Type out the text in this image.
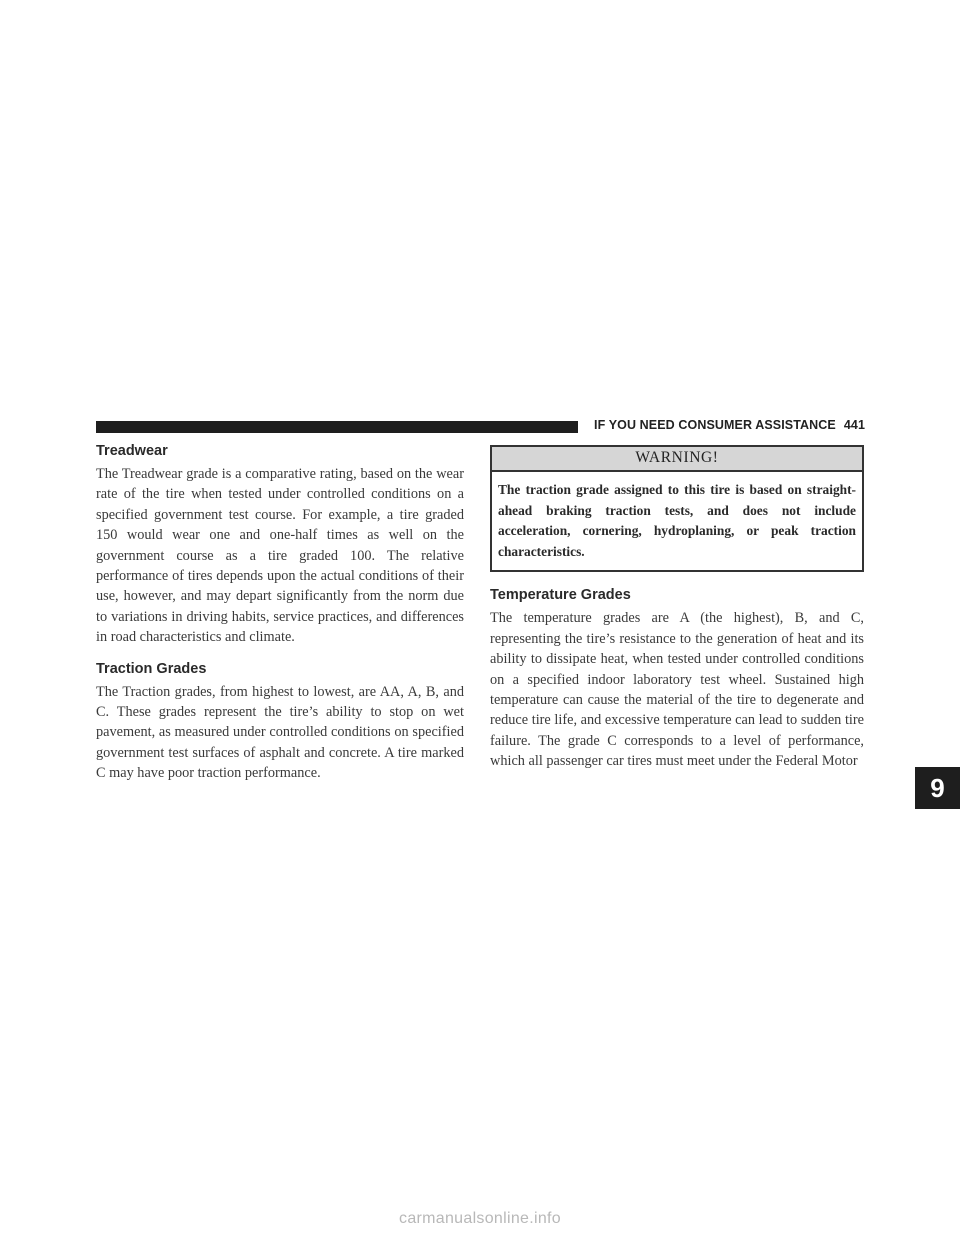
IF YOU NEED CONSUMER ASSISTANCE 441
Treadwear

The Treadwear grade is a comparative rating, based on the wear rate of the tire when tested under controlled conditions on a specified government test course. For example, a tire graded 150 would wear one and one-half times as well on the government course as a tire graded 100. The relative performance of tires depends upon the actual conditions of their use, however, and may depart significantly from the norm due to variations in driving habits, service practices, and differences in road characteristics and climate.

Traction Grades

The Traction grades, from highest to lowest, are AA, A, B, and C. These grades represent the tire’s ability to stop on wet pavement, as measured under controlled conditions on specified government test surfaces of asphalt and concrete. A tire marked C may have poor traction performance.

WARNING!
The traction grade assigned to this tire is based on straight-ahead braking traction tests, and does not include acceleration, cornering, hydroplaning, or peak traction characteristics.
Temperature Grades

The temperature grades are A (the highest), B, and C, representing the tire’s resistance to the generation of heat and its ability to dissipate heat, when tested under controlled conditions on a specified indoor laboratory test wheel. Sustained high temperature can cause the material of the tire to degenerate and reduce tire life, and excessive temperature can lead to sudden tire failure. The grade C corresponds to a level of performance, which all passenger car tires must meet under the Federal Motor

9
carmanualsonline.info
